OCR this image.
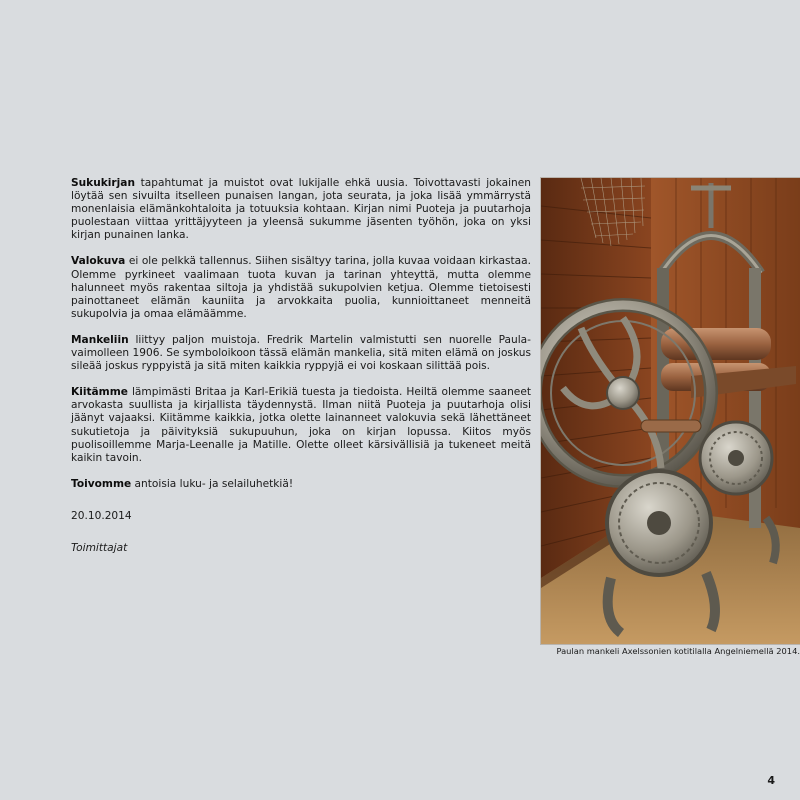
Sukukirjan tapahtumat ja muistot ovat lukijalle ehkä uusia. Toivottavasti jokainen löytää sen sivuilta itselleen punaisen langan, jota seurata, ja joka lisää ymmärrystä monenlaisia elämänkohtaloita ja totuuksia kohtaan. Kirjan nimi Puoteja ja puutarhoja puolestaan viittaa yrittäjyyteen ja yleensä sukumme jäsenten työhön, joka on yksi kirjan punainen lanka.

Valokuva ei ole pelkkä tallennus. Siihen sisältyy tarina, jolla kuvaa voidaan kirkastaa. Olemme pyrkineet vaalimaan tuota kuvan ja tarinan yhteyttä, mutta olemme halunneet myös rakentaa siltoja ja yhdistää sukupolvien ketjua. Olemme tietoisesti painottaneet elämän kauniita ja arvokkaita puolia, kunnioittaneet menneitä sukupolvia ja omaa elämäämme.

Mankeliin liittyy paljon muistoja. Fredrik Martelin valmistutti sen nuorelle Paula-vaimolleen 1906. Se symboloikoon tässä elämän mankelia, sitä miten elämä on joskus sileää joskus ryppyistä ja sitä miten kaikkia ryppyjä ei voi koskaan silittää pois.

Kiitämme lämpimästi Britaa ja Karl-Erikiä tuesta ja tiedoista. Heiltä olemme saaneet arvokasta suullista ja kirjallista täydennystä. Ilman niitä Puoteja ja puutarhoja olisi jäänyt vajaaksi. Kiitämme kaikkia, jotka olette lainanneet valokuvia sekä lähettäneet sukutietoja ja päivityksiä sukupuuhun, joka on kirjan lopussa. Kiitos myös puolisoillemme Marja-Leenalle ja Matille. Olette olleet kärsivällisiä ja tukeneet meitä kaikin tavoin.

Toivomme antoisia luku- ja selailuhetkiä!

20.10.2014

Toimittajat

Paulan mankeli Axelssonien kotitilalla Angelniemellä 2014.
4
